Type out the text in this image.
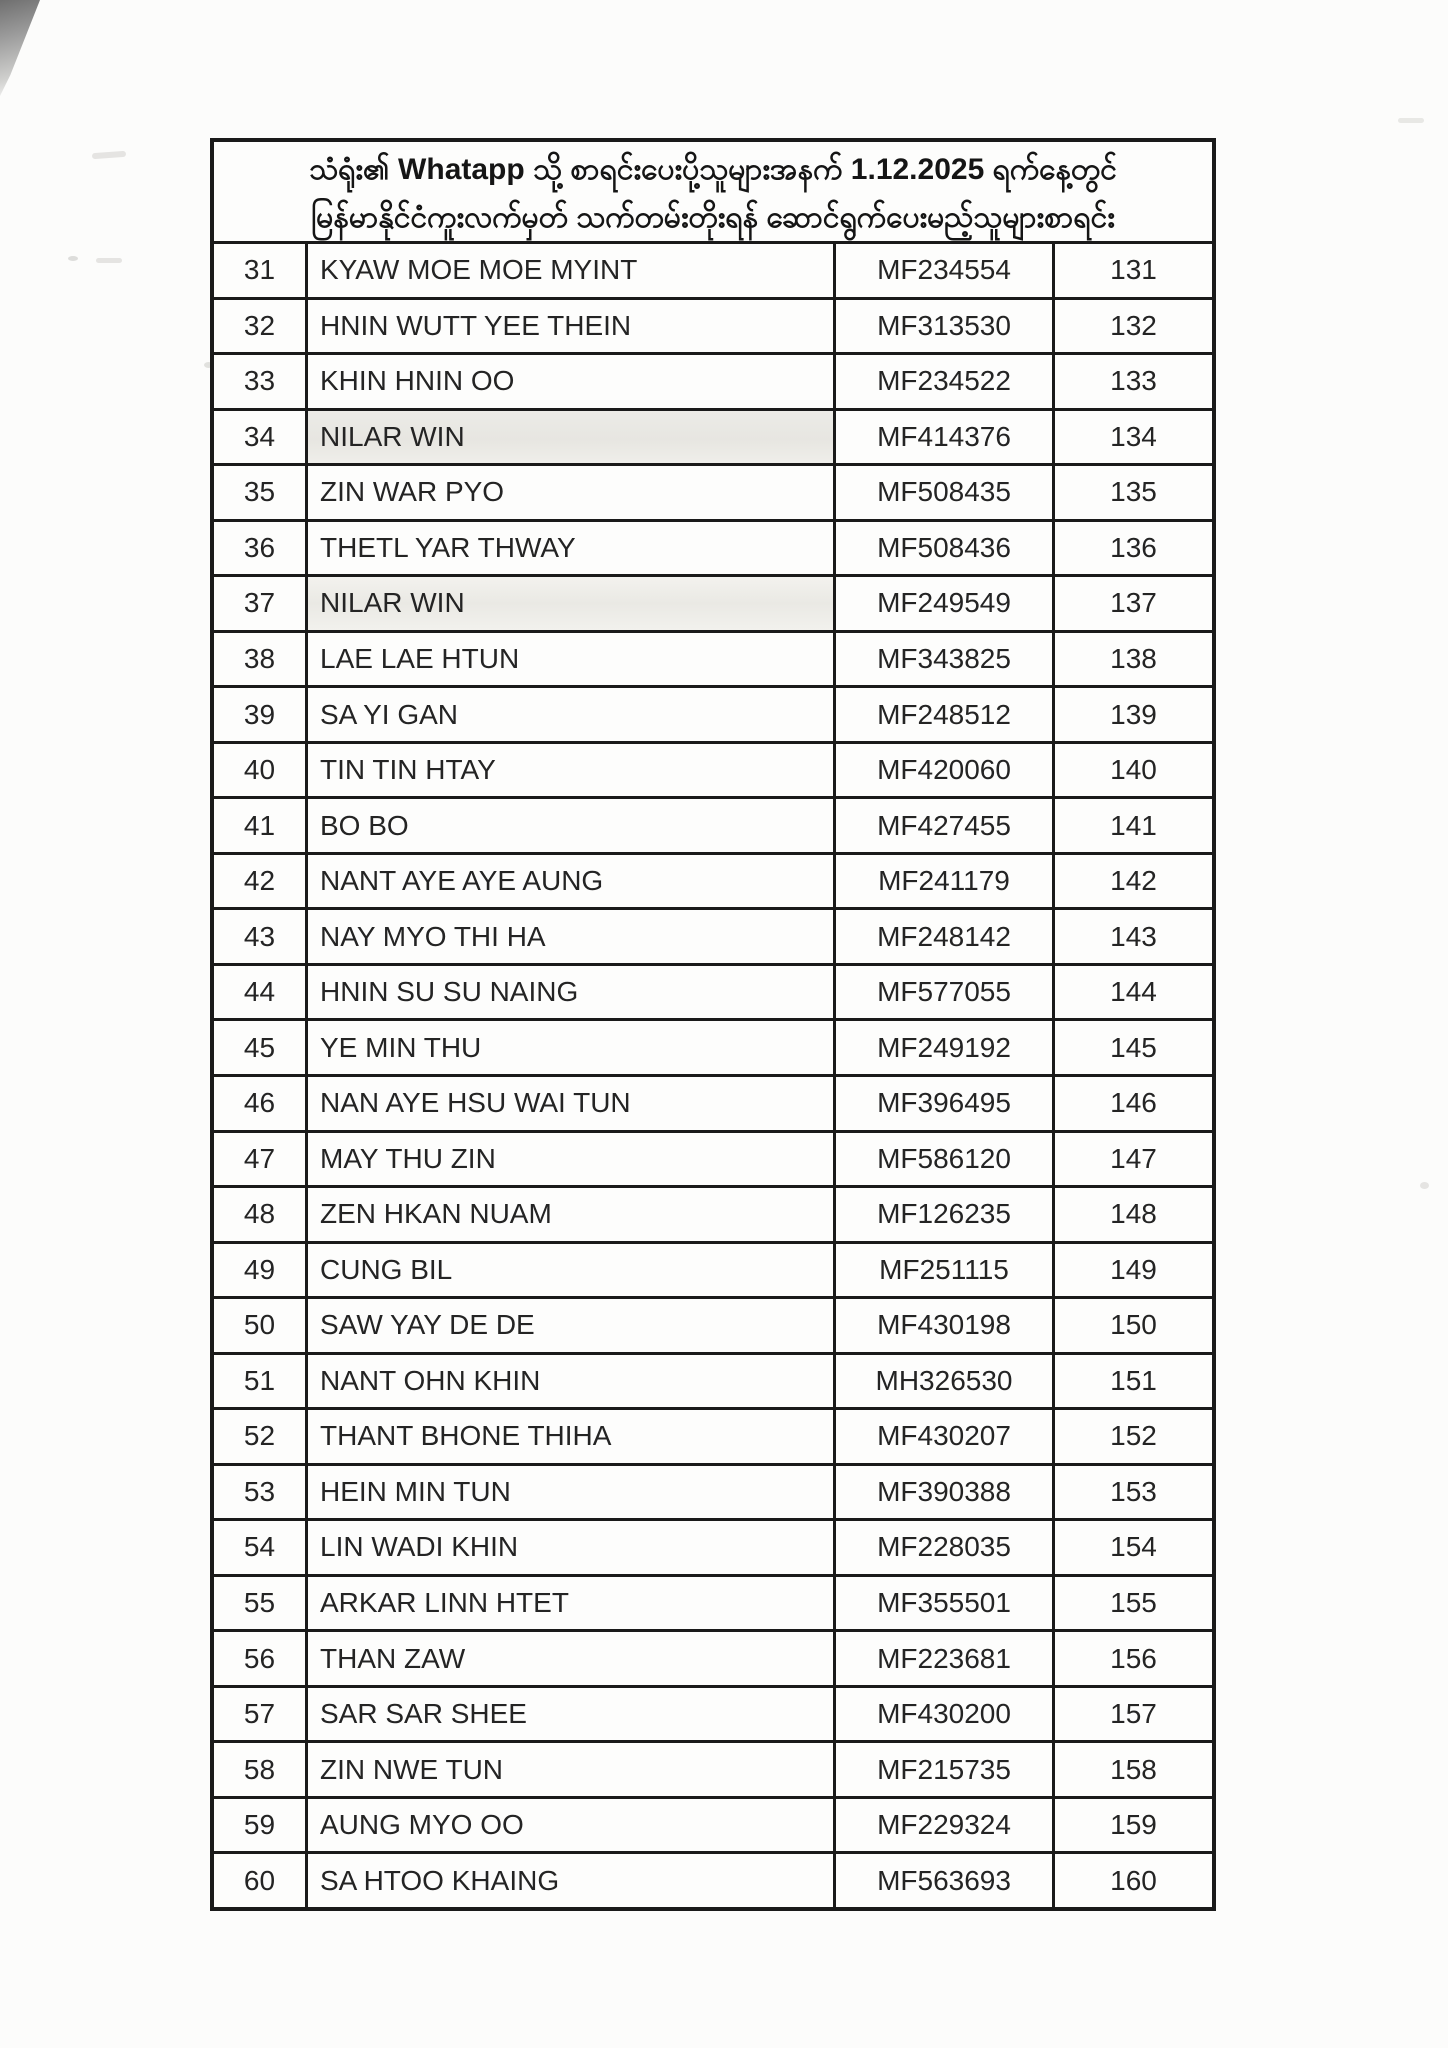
သံရုံး၏ Whatapp သို့ စာရင်းပေးပို့သူများအနက် 1.12.2025 ရက်နေ့တွင်
မြန်မာနိုင်ငံကူးလက်မှတ် သက်တမ်းတိုးရန် ဆောင်ရွက်ပေးမည့်သူများစာရင်း
31 KYAW MOE MOE MYINT	MF234554	131
32 HNIN WUTT YEE THEIN	MF313530	132
33 KHIN HNIN OO	MF234522	133
34 NILAR WIN	MF414376	134
35 ZIN WAR PYO	MF508435	135
36 THETL YAR THWAY	MF508436	136
37 NILAR WIN	MF249549	137
38 LAE LAE HTUN	MF343825	138
39 SA YI GAN	MF248512	139
40 TIN TIN HTAY	MF420060	140
41 BO BO	MF427455	141
42 NANT AYE AYE AUNG	MF241179	142
43 NAY MYO THI HA	MF248142	143
44 HNIN SU SU NAING	MF577055	144
45 YE MIN THU	MF249192	145
46 NAN AYE HSU WAI TUN	MF396495	146
47 MAY THU ZIN	MF586120	147
48 ZEN HKAN NUAM	MF126235	148
49 CUNG BIL	MF251115	149
50 SAW YAY DE DE	MF430198	150
51 NANT OHN KHIN	MH326530	151
52 THANT BHONE THIHA	MF430207	152
53 HEIN MIN TUN	MF390388	153
54 LIN WADI KHIN	MF228035	154
55 ARKAR LINN HTET	MF355501	155
56 THAN ZAW	MF223681	156
57 SAR SAR SHEE	MF430200	157
58 ZIN NWE TUN	MF215735	158
59 AUNG MYO OO	MF229324	159
60 SA HTOO KHAING	MF563693	160
